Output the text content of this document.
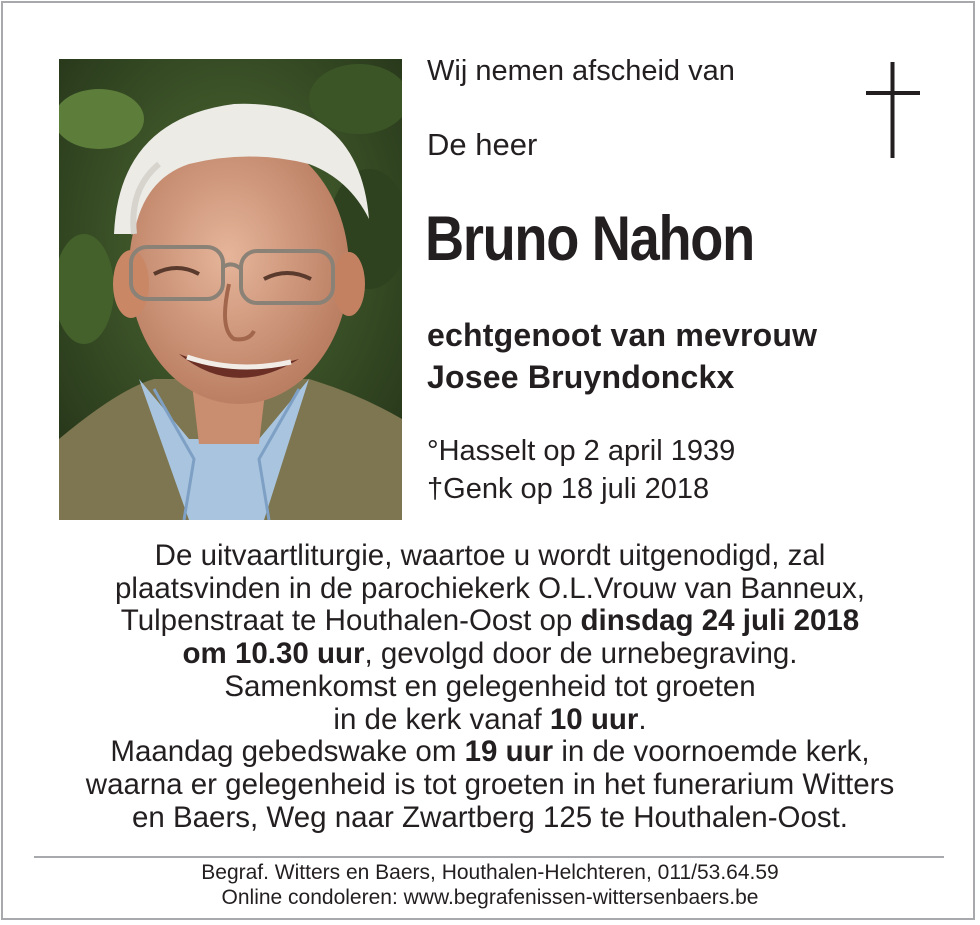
Wij nemen afscheid van
De heer
Bruno Nahon
echtgenoot van mevrouw
Josee Bruyndonckx
°Hasselt op 2 april 1939
†Genk op 18 juli 2018
De uitvaartliturgie, waartoe u wordt uitgenodigd, zal
plaatsvinden in de parochiekerk O.L.Vrouw van Banneux,
Tulpenstraat te Houthalen-Oost op dinsdag 24 juli 2018
om 10.30 uur, gevolgd door de urnebegraving.
Samenkomst en gelegenheid tot groeten
in de kerk vanaf 10 uur.
Maandag gebedswake om 19 uur in de voornoemde kerk,
waarna er gelegenheid is tot groeten in het funerarium Witters
en Baers, Weg naar Zwartberg 125 te Houthalen-Oost.
Begraf. Witters en Baers, Houthalen-Helchteren, 011/53.64.59
Online condoleren: www.begrafenissen-wittersenbaers.be
